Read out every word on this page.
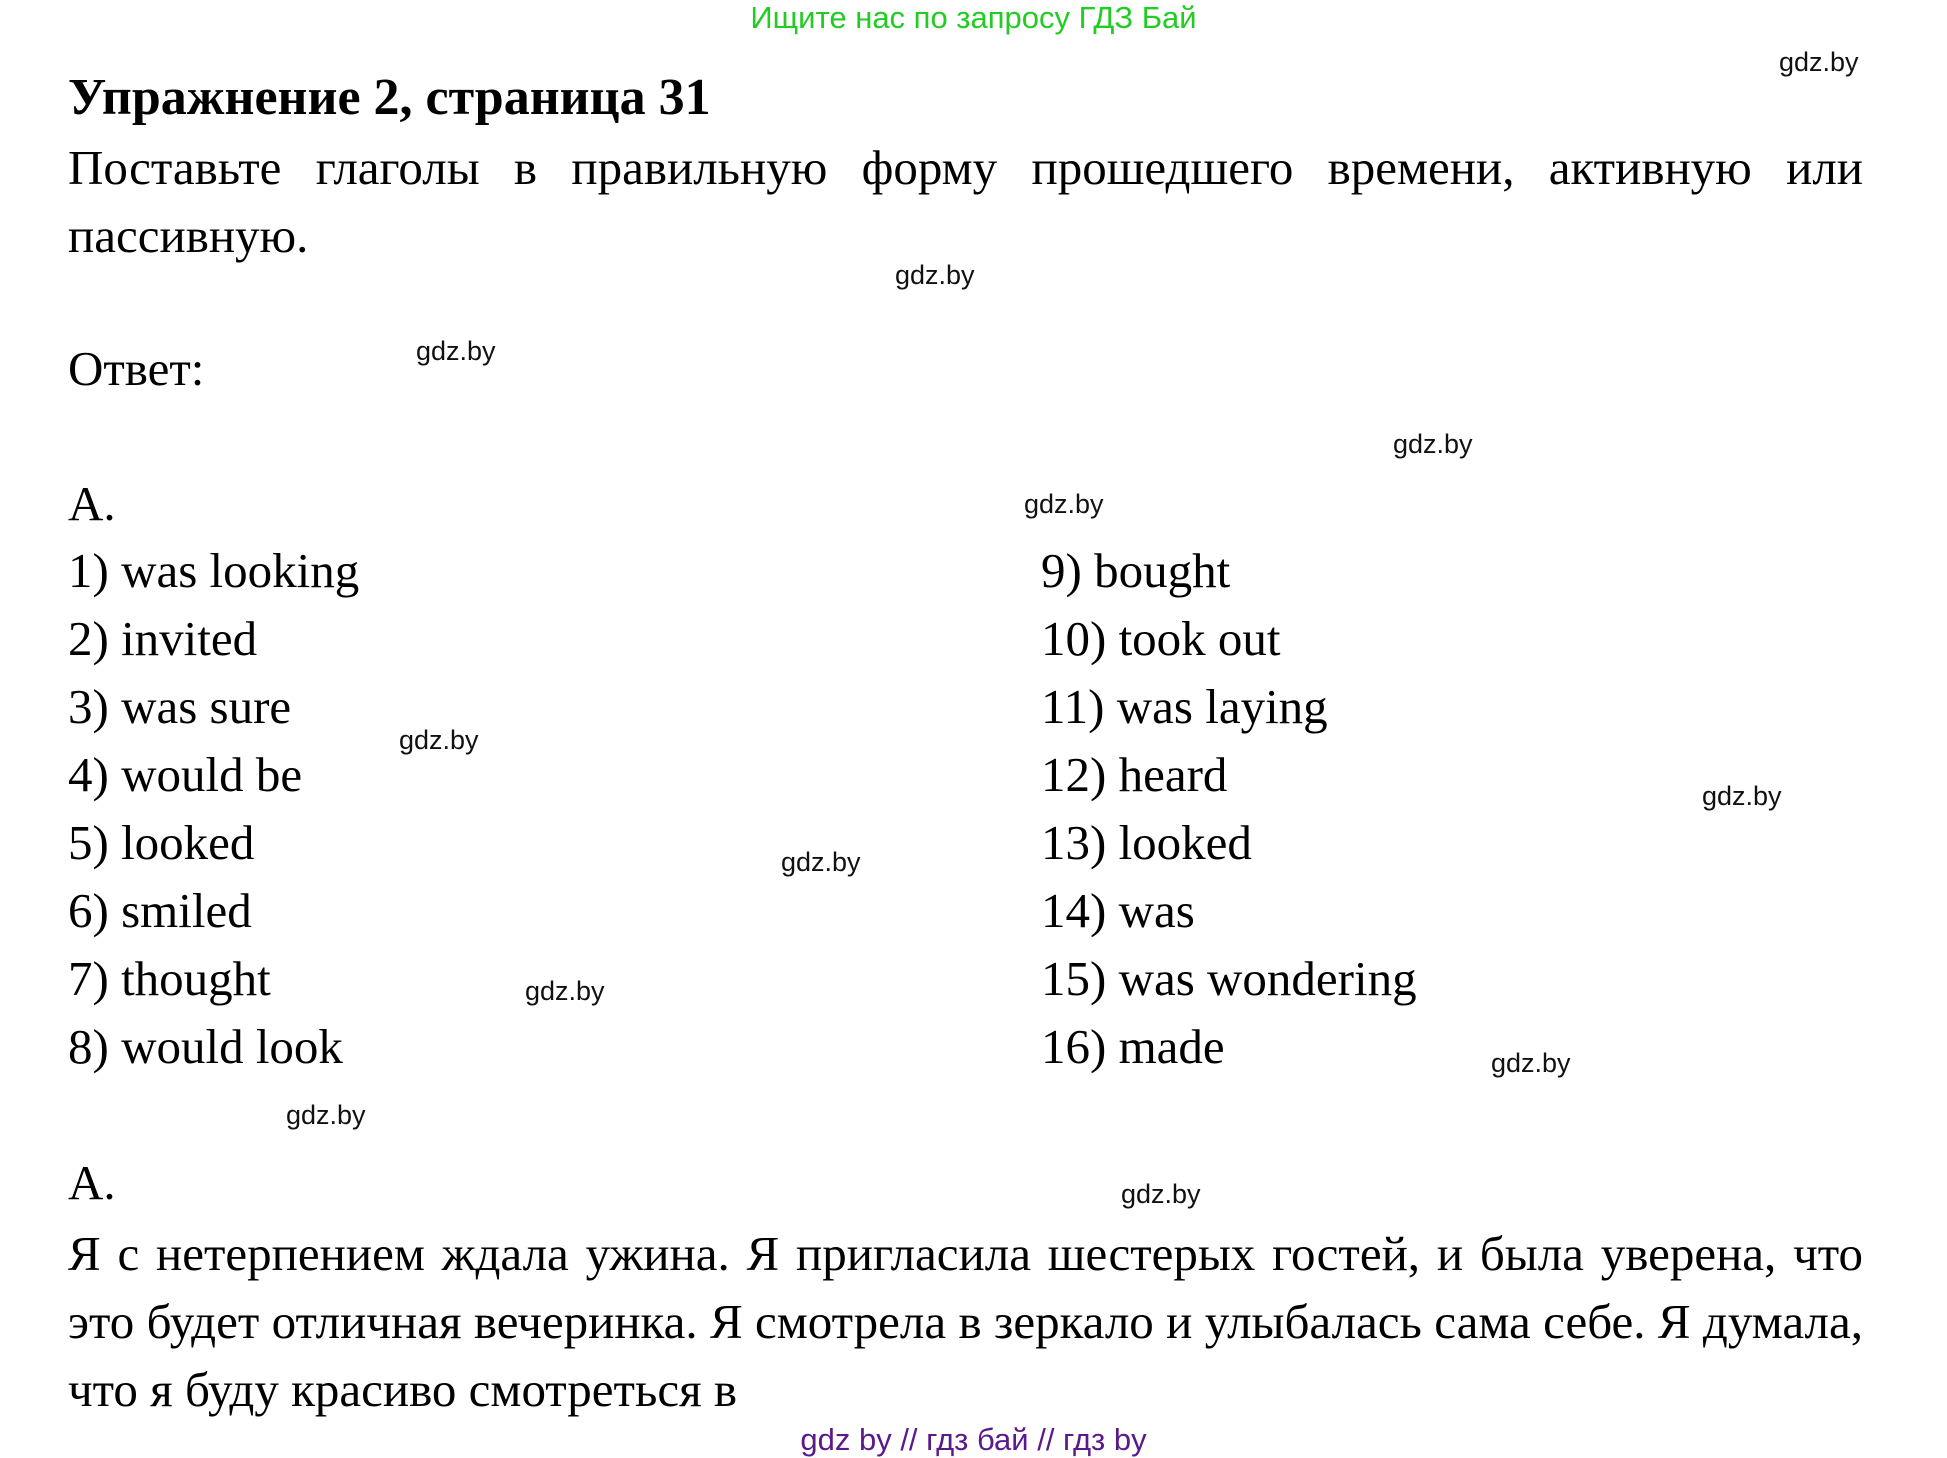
Ищите нас по запросу ГДЗ Бай
Упражнение 2, страница 31
Поставьте глаголы в правильную форму прошедшего времени, активную или пассивную.
Ответ:
A.
1) was looking
2) invited
3) was sure
4) would be
5) looked
6) smiled
7) thought
8) would look
9) bought
10) took out
11) was laying
12) heard
13) looked
14) was
15) was wondering
16) made
A.
Я с нетерпением ждала ужина. Я пригласила шестерых гостей, и была уверена, что это будет отличная вечеринка. Я смотрела в зеркало и улыбалась сама себе. Я думала, что я буду красиво смотреться в
gdz.by
gdz.by
gdz.by
gdz.by
gdz.by
gdz.by
gdz.by
gdz.by
gdz.by
gdz.by
gdz.by
gdz.by
gdz by // гдз бай // гдз by
